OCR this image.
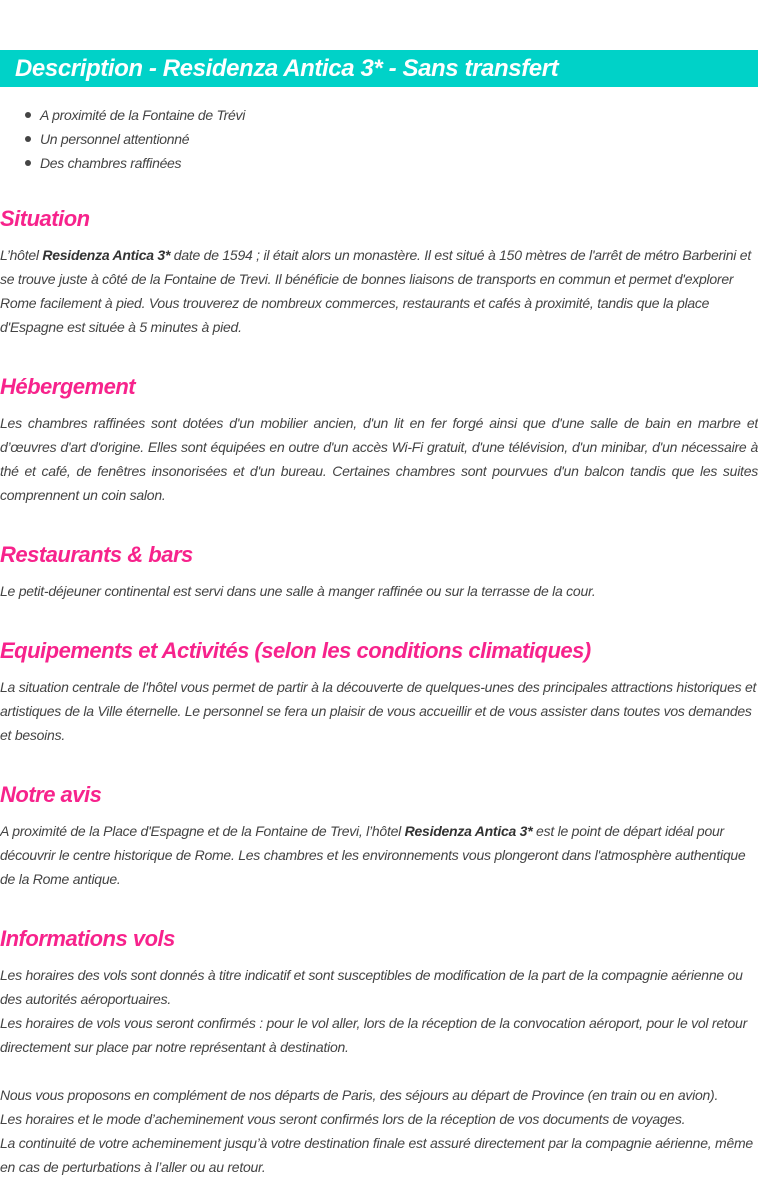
Description - Residenza Antica 3* - Sans transfert
A proximité de la Fontaine de Trévi
Un personnel attentionné
Des chambres raffinées
Situation

L’hôtel Residenza Antica 3* date de 1594 ; il était alors un monastère. Il est situé à 150 mètres de l'arrêt de métro Barberini et se trouve juste à côté de la Fontaine de Trevi. Il bénéficie de bonnes liaisons de transports en commun et permet d'explorer Rome facilement à pied. Vous trouverez de nombreux commerces, restaurants et cafés à proximité, tandis que la place d'Espagne est située à 5 minutes à pied.

Hébergement

Les chambres raffinées sont dotées d'un mobilier ancien, d'un lit en fer forgé ainsi que d'une salle de bain en marbre et d’œuvres d'art d'origine. Elles sont équipées en outre d'un accès Wi-Fi gratuit, d'une télévision, d'un minibar, d'un nécessaire à thé et café, de fenêtres insonorisées et d'un bureau. Certaines chambres sont pourvues d'un balcon tandis que les suites comprennent un coin salon.

Restaurants & bars

Le petit-déjeuner continental est servi dans une salle à manger raffinée ou sur la terrasse de la cour.

Equipements et Activités (selon les conditions climatiques)

La situation centrale de l'hôtel vous permet de partir à la découverte de quelques-unes des principales attractions historiques et artistiques de la Ville éternelle. Le personnel se fera un plaisir de vous accueillir et de vous assister dans toutes vos demandes et besoins.

Notre avis

A proximité de la Place d'Espagne et de la Fontaine de Trevi, l’hôtel Residenza Antica 3* est le point de départ idéal pour découvrir le centre historique de Rome. Les chambres et les environnements vous plongeront dans l'atmosphère authentique de la Rome antique.

Informations vols

Les horaires des vols sont donnés à titre indicatif et sont susceptibles de modification de la part de la compagnie aérienne ou des autorités aéroportuaires.

Les horaires de vols vous seront confirmés : pour le vol aller, lors de la réception de la convocation aéroport, pour le vol retour directement sur place par notre représentant à destination.

Nous vous proposons en complément de nos départs de Paris, des séjours au départ de Province (en train ou en avion).

Les horaires et le mode d’acheminement vous seront confirmés lors de la réception de vos documents de voyages.

La continuité de votre acheminement jusqu’à votre destination finale est assuré directement par la compagnie aérienne, même en cas de perturbations à l’aller ou au retour.
